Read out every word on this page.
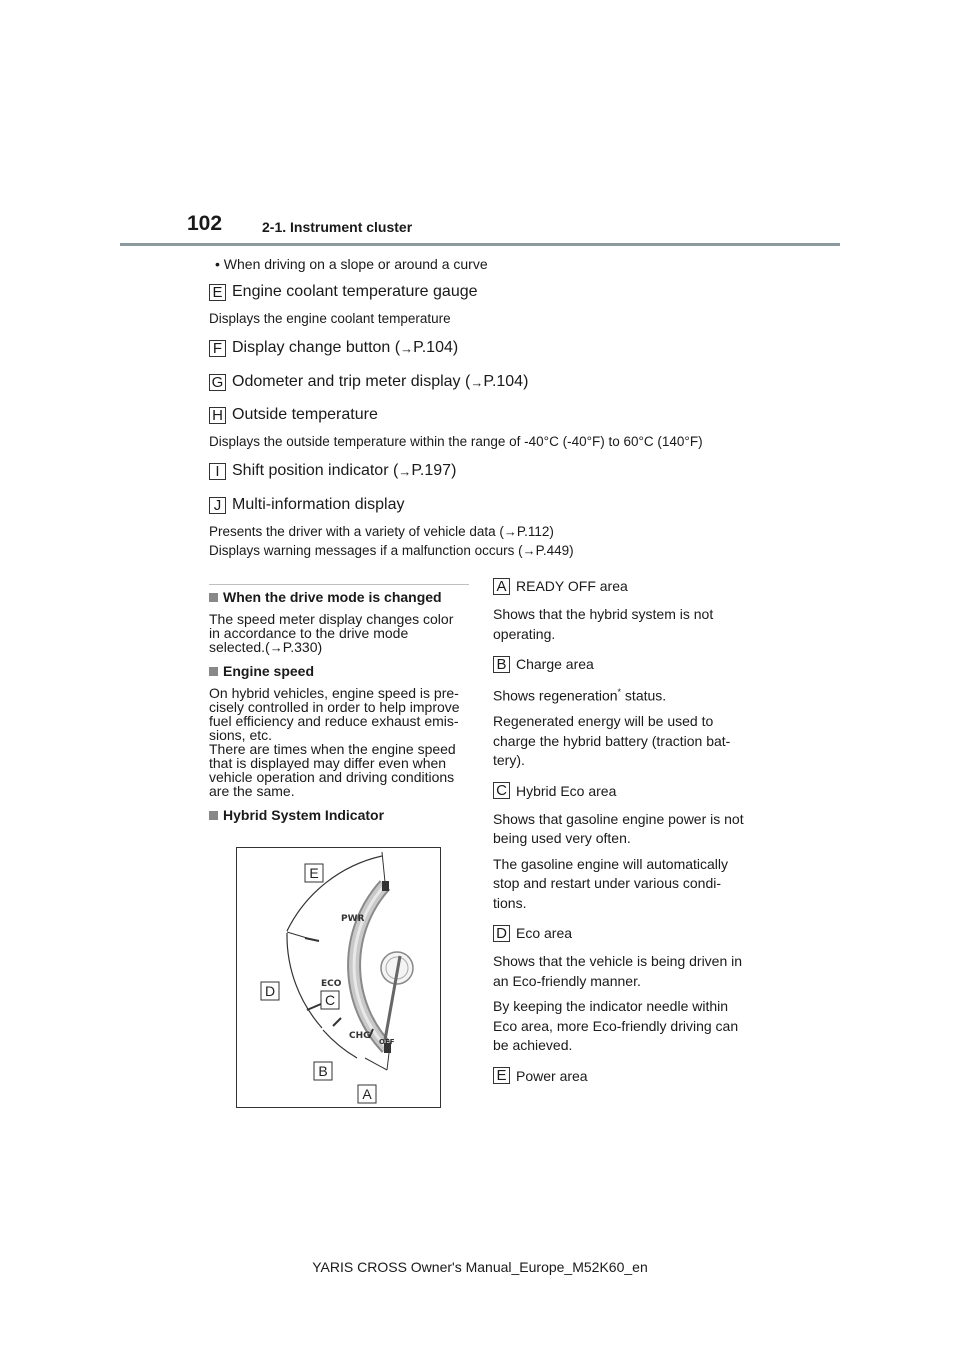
102	2-1. Instrument cluster
• When driving on a slope or around a curve
E Engine coolant temperature gauge
Displays the engine coolant temperature
F Display change button ( → P.104)
G Odometer and trip meter display ( → P.104)
H Outside temperature
Displays the outside temperature within the range of -40°C (-40°F) to 60°C (140°F)
I Shift position indicator ( → P.197)
J Multi-information display
Presents the driver with a variety of vehicle data (→P.112)
Displays warning messages if a malfunction occurs (→P.449)
When the drive mode is changed

The speed meter display changes color

in accordance to the drive mode

selected.(→P.330)

Engine speed

On hybrid vehicles, engine speed is pre-

cisely controlled in order to help improve

fuel efficiency and reduce exhaust emis-

sions, etc.

There are times when the engine speed

that is displayed may differ even when

vehicle operation and driving conditions

are the same.

Hybrid System Indicator
PWR
ECO
CHG
OFF
E
D
C
B
A
A READY OFF area

Shows that the hybrid system is not

operating.

B Charge area

Shows regeneration* status.

Regenerated energy will be used to

charge the hybrid battery (traction bat-

tery).

C Hybrid Eco area

Shows that gasoline engine power is not

being used very often.

The gasoline engine will automatically

stop and restart under various condi-

tions.

D Eco area

Shows that the vehicle is being driven in

an Eco-friendly manner.

By keeping the indicator needle within

Eco area, more Eco-friendly driving can

be achieved.

E Power area
YARIS CROSS Owner's Manual_Europe_M52K60_en
